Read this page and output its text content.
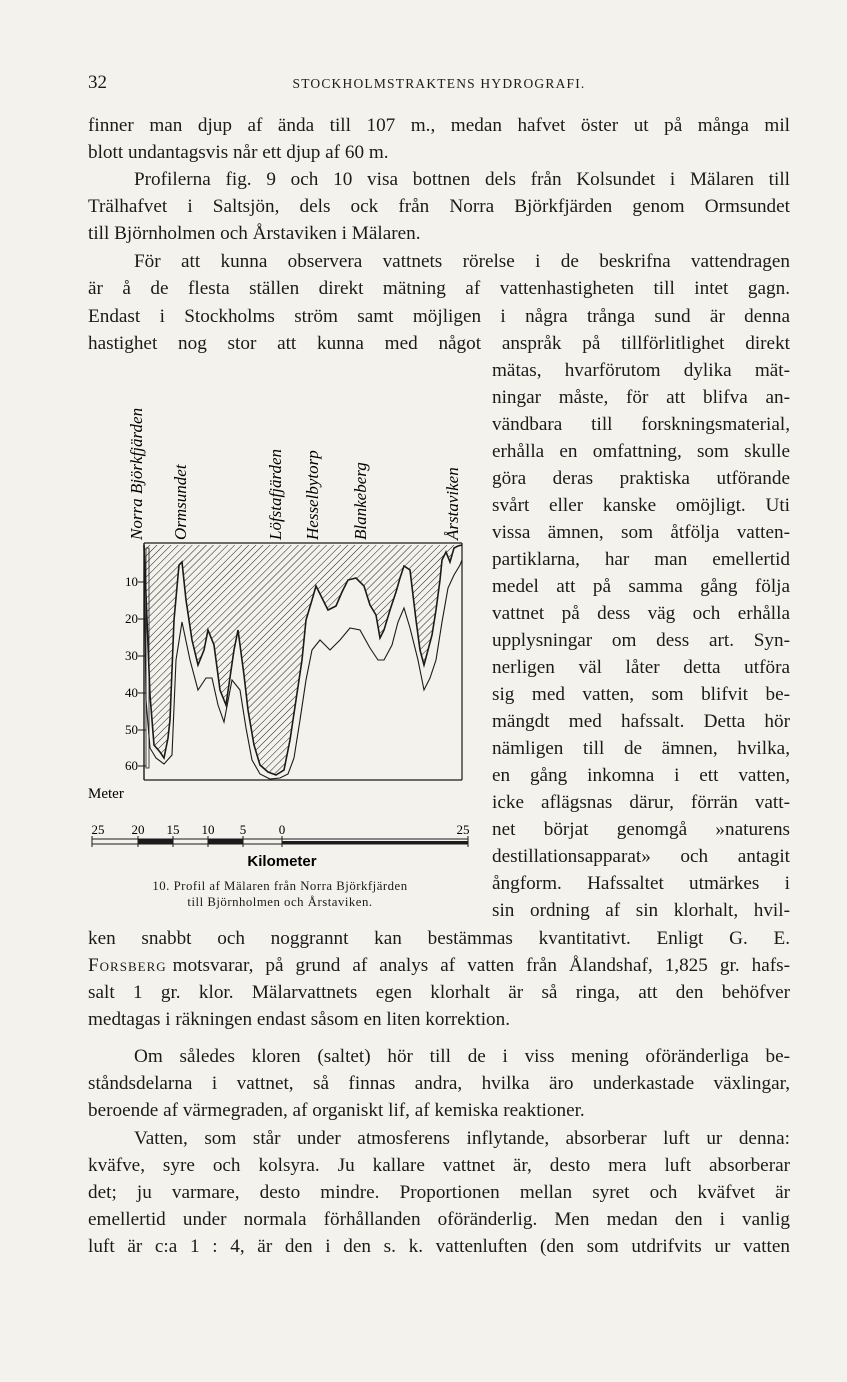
32	STOCKHOLMSTRAKTENS HYDROGRAFI.
finner man djup af ända till 107 m., medan hafvet öster ut på många mil
blott undantagsvis når ett djup af 60 m.
Profilerna fig. 9 och 10 visa bottnen dels från Kolsundet i Mälaren till
Trälhafvet i Saltsjön, dels ock från Norra Björkfjärden genom Ormsundet
till Björnholmen och Årstaviken i Mälaren.
För att kunna observera vattnets rörelse i de beskrifna vattendragen
är å de flesta ställen direkt mätning af vattenhastigheten till intet gagn.
Endast i Stockholms ström samt möjligen i några trånga sund är denna
hastighet nog stor att kunna med något anspråk på tillförlitlighet direkt
mätas, hvarförutom dylika mät-
ningar måste, för att blifva an-
vändbara till forskningsmaterial,
erhålla en omfattning, som skulle
göra deras praktiska utförande
svårt eller kanske omöjligt. Uti
vissa ämnen, som åtfölja vatten-
partiklarna, har man emellertid
medel att på samma gång följa
vattnet på dess väg och erhålla
upplysningar om dess art. Syn-
nerligen väl låter detta utföra
sig med vatten, som blifvit be-
mängdt med hafssalt. Detta hör
nämligen till de ämnen, hvilka,
en gång inkomna i ett vatten,
icke aflägsnas därur, förrän vatt-
net börjat genomgå »naturens
destillationsapparat» och antagit
ångform. Hafssaltet utmärkes i
sin ordning af sin klorhalt, hvil-
ken snabbt och noggrannt kan bestämmas kvantitativt. Enligt G. E.
Forsberg motsvarar, på grund af analys af vatten från Ålandshaf, 1,825 gr. hafs-
salt 1 gr. klor. Mälarvattnets egen klorhalt är så ringa, att den behöfver
medtagas i räkningen endast såsom en liten korrektion.
Om således kloren (saltet) hör till de i viss mening oföränderliga be-
ståndsdelarna i vattnet, så finnas andra, hvilka äro underkastade växlingar,
beroende af värmegraden, af organiskt lif, af kemiska reaktioner.
Vatten, som står under atmosferens inflytande, absorberar luft ur denna:
kväfve, syre och kolsyra. Ju kallare vattnet är, desto mera luft absorberar
det; ju varmare, desto mindre. Proportionen mellan syret och kväfvet är
emellertid under normala förhållanden oföränderlig. Men medan den i vanlig
luft är c:a 1 : 4, är den i den s. k. vattenluften (den som utdrifvits ur vatten
Norra Björkfjärden Ormsundet	Löfstafjärden Hesselbytorp Blankeberg	Årstaviken
10
20
30
40
50
60
Meter
25 20 15 10 5	0	25
Kilometer
10. Profil af Mälaren från Norra Björkfjärden
till Björnholmen och Årstaviken.
